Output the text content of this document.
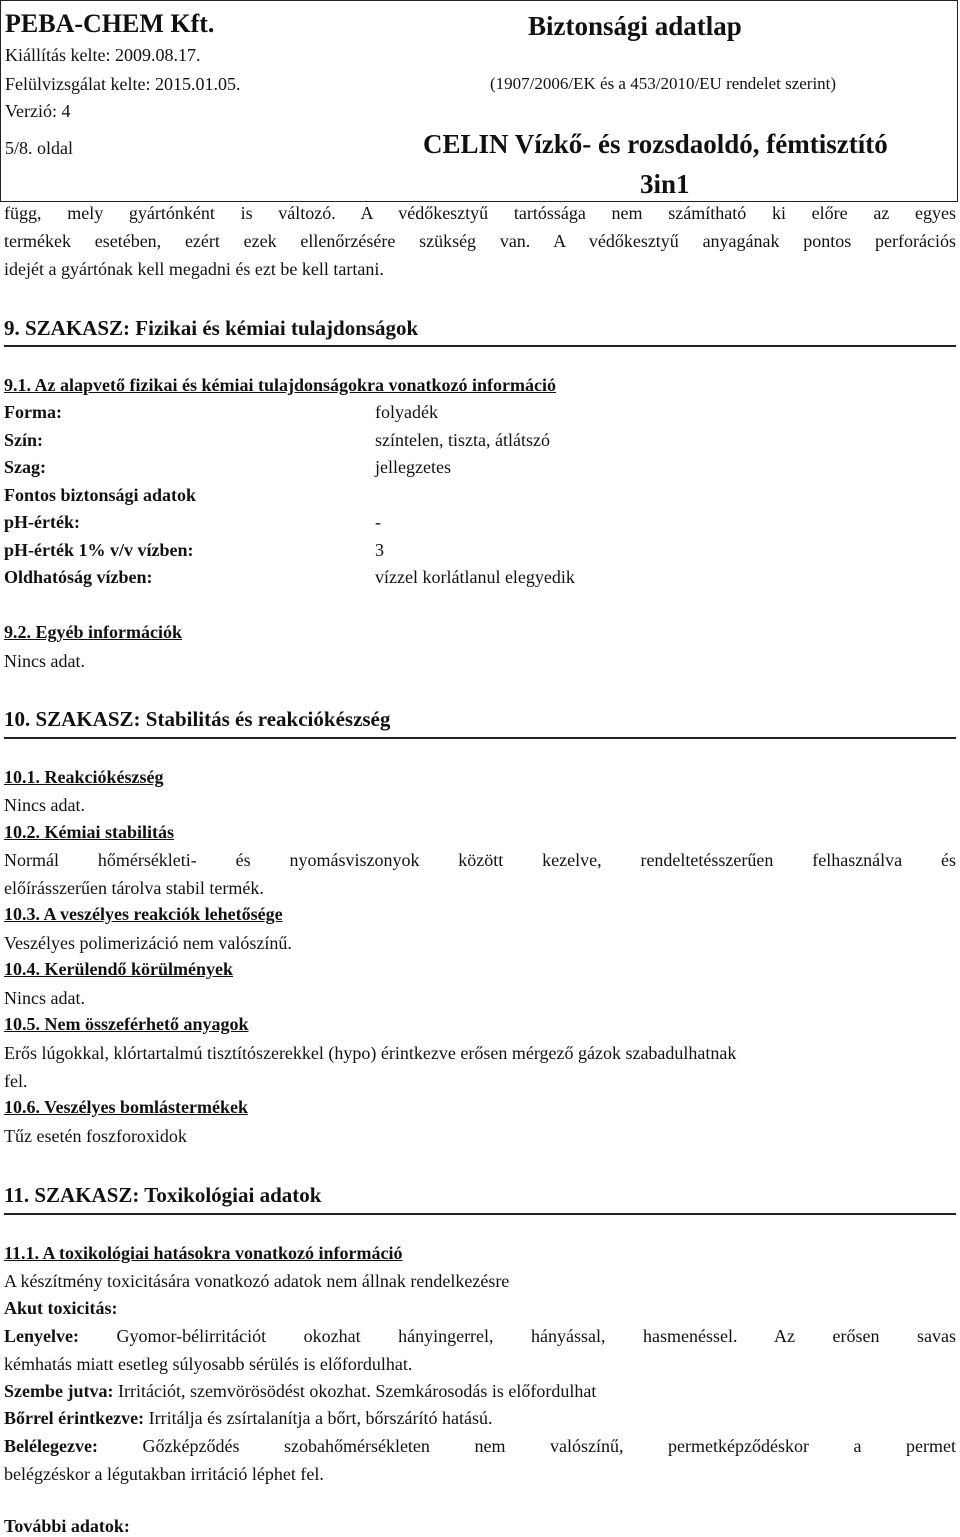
PEBA-CHEM Kft.	Biztonsági adatlap
Kiállítás kelte: 2009.08.17.
Felülvizsgálat kelte: 2015.01.05.	(1907/2006/EK és a 453/2010/EU rendelet szerint)
Verzió: 4
5/8. oldal	CELIN Vízkő- és rozsdaoldó, fémtisztító
3in1
függ, mely gyártónként is változó. A védőkesztyű tartóssága nem számítható ki előre az egyes
termékek esetében, ezért ezek ellenőrzésére szükség van. A védőkesztyű anyagának pontos perforációs
idejét a gyártónak kell megadni és ezt be kell tartani.
9. SZAKASZ: Fizikai és kémiai tulajdonságok
9.1. Az alapvető fizikai és kémiai tulajdonságokra vonatkozó információ
Forma:	folyadék
Szín:	színtelen, tiszta, átlátszó
Szag:	jellegzetes
Fontos biztonsági adatok
pH-érték:	-
pH-érték 1% v/v vízben:	3
Oldhatóság vízben:	vízzel korlátlanul elegyedik
9.2. Egyéb információk
Nincs adat.
10. SZAKASZ: Stabilitás és reakciókészség
10.1. Reakciókészség
Nincs adat.
10.2. Kémiai stabilitás
Normál hőmérsékleti- és nyomásviszonyok között kezelve, rendeltetésszerűen felhasználva és
előírásszerűen tárolva stabil termék.
10.3. A veszélyes reakciók lehetősége
Veszélyes polimerizáció nem valószínű.
10.4. Kerülendő körülmények
Nincs adat.
10.5. Nem összeférhető anyagok
Erős lúgokkal, klórtartalmú tisztítószerekkel (hypo) érintkezve erősen mérgező gázok szabadulhatnak
fel.
10.6. Veszélyes bomlástermékek
Tűz esetén foszforoxidok
11. SZAKASZ: Toxikológiai adatok
11.1. A toxikológiai hatásokra vonatkozó információ
A készítmény toxicitására vonatkozó adatok nem állnak rendelkezésre
Akut toxicitás:
Lenyelve: Gyomor-bélirritációt okozhat hányingerrel, hányással, hasmenéssel. Az erősen savas
kémhatás miatt esetleg súlyosabb sérülés is előfordulhat.
Szembe jutva: Irritációt, szemvörösödést okozhat. Szemkárosodás is előfordulhat
Bőrrel érintkezve: Irritálja és zsírtalanítja a bőrt, bőrszárító hatású.
Belélegezve: Gőzképződés szobahőmérsékleten nem valószínű, permetképződéskor a permet
belégzéskor a légutakban irritáció léphet fel.
További adatok:
